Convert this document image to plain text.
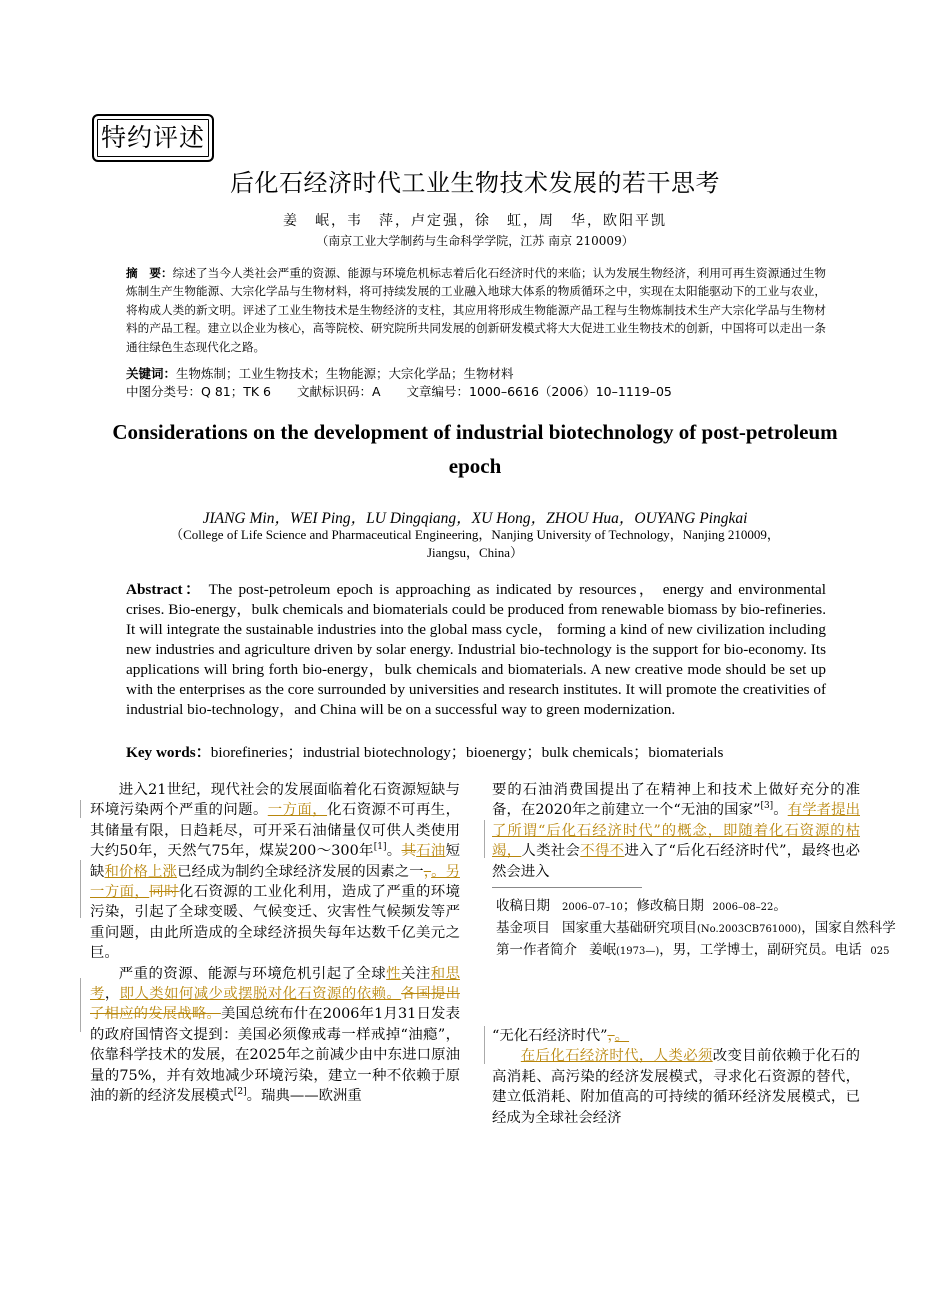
特约评述
后化石经济时代工业生物技术发展的若干思考
姜　岷，韦　萍，卢定强，徐　虹，周　华，欧阳平凯
（南京工业大学制药与生命科学学院，江苏 南京 210009）
摘　要：综述了当今人类社会严重的资源、能源与环境危机标志着后化石经济时代的来临；认为发展生物经济，利用可再生资源通过生物炼制生产生物能源、大宗化学品与生物材料，将可持续发展的工业融入地球大体系的物质循环之中，实现在太阳能驱动下的工业与农业，将构成人类的新文明。评述了工业生物技术是生物经济的支柱，其应用将形成生物能源产品工程与生物炼制技术生产大宗化学品与生物材料的产品工程。建立以企业为核心，高等院校、研究院所共同发展的创新研发模式将大大促进工业生物技术的创新，中国将可以走出一条通往绿色生态现代化之路。
关键词：生物炼制；工业生物技术；生物能源；大宗化学品；生物材料
中图分类号：Q 81；TK 6 文献标识码：A 文章编号：1000–6616（2006）10–1119–05
Considerations on the development of industrial biotechnology of post-petroleum epoch
JIANG Min，WEI Ping，LU Dingqiang，XU Hong，ZHOU Hua，OUYANG Pingkai
（College of Life Science and Pharmaceutical Engineering，Nanjing University of Technology，Nanjing 210009，Jiangsu，China）
Abstract： The post-petroleum epoch is approaching as indicated by resources， energy and environmental crises. Bio-energy，bulk chemicals and biomaterials could be produced from renewable biomass by bio-refineries. It will integrate the sustainable industries into the global mass cycle， forming a kind of new civilization including new industries and agriculture driven by solar energy. Industrial bio-technology is the support for bio-economy. Its applications will bring forth bio-energy，bulk chemicals and biomaterials. A new creative mode should be set up with the enterprises as the core surrounded by universities and research institutes. It will promote the creativities of industrial bio-technology，and China will be on a successful way to green modernization.
Key words：biorefineries；industrial biotechnology；bioenergy；bulk chemicals；biomaterials

进入21世纪，现代社会的发展面临着化石资源短缺与环境污染两个严重的问题。一方面，化石资源不可再生，其储量有限，日趋耗尽，可开采石油储量仅可供人类使用大约50年，天然气75年，煤炭200～300年[1]。其石油短缺和价格上涨已经成为制约全球经济发展的因素之一，。另一方面，同时化石资源的工业化利用，造成了严重的环境污染，引起了全球变暖、气候变迁、灾害性气候频发等严重问题，由此所造成的全球经济损失每年达数千亿美元之巨。

严重的资源、能源与环境危机引起了全球性关注和思考，即人类如何减少或摆脱对化石资源的依赖。各国提出了相应的发展战略。美国总统布什在2006年1月31日发表的政府国情咨文提到：美国必须像戒毒一样戒掉“油瘾”，依靠科学技术的发展，在2025年之前减少由中东进口原油量的75%，并有效地减少环境污染，建立一种不依赖于原油的新的经济发展模式[2]。瑞典——欧洲重

要的石油消费国提出了在精神上和技术上做好充分的准备，在2020年之前建立一个“无油的国家”[3]。有学者提出了所谓“后化石经济时代”的概念，即随着化石资源的枯竭，人类社会不得不进入了“后化石经济时代”，最终也必然会进入

收稿日期 2006–07–10；修改稿日期 2006–08–22。
基金项目 国家重大基础研究项目(No.2003CB761000)，国家自然科学
第一作者简介 姜岷(1973—)，男，工学博士，副研究员。电话 025

“无化石经济时代”，。

在后化石经济时代，人类必须改变目前依赖于化石的高消耗、高污染的经济发展模式，寻求化石资源的替代，建立低消耗、附加值高的可持续的循环经济发展模式，已经成为全球社会经济
